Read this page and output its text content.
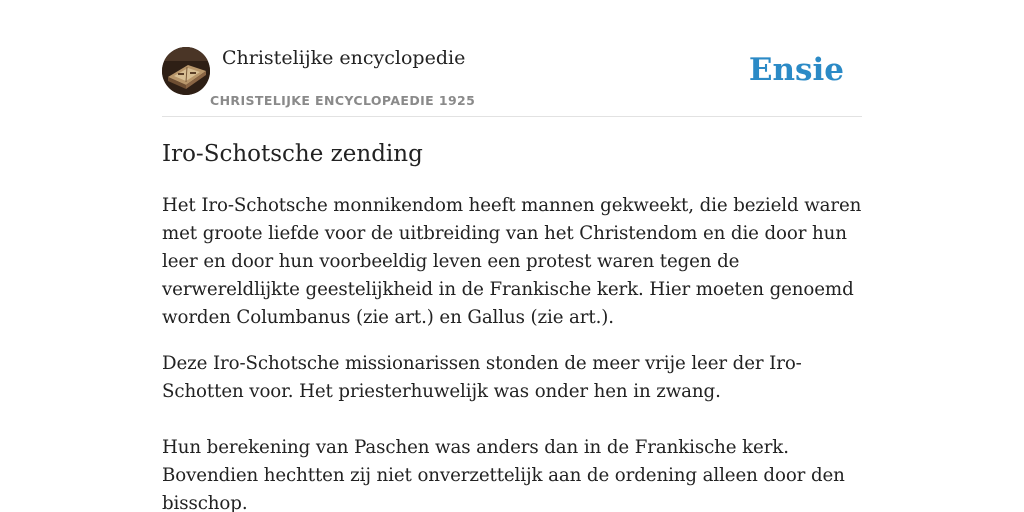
Christelijke encyclopedie
CHRISTELIJKE ENCYCLOPAEDIE 1925
Ensie
Iro-Schotsche zending

Het Iro-Schotsche monnikendom heeft mannen gekweekt, die bezield waren met groote liefde voor de uitbreiding van het Christendom en die door hun leer en door hun voorbeeldig leven een protest waren tegen de verwereldlijkte geestelijkheid in de Frankische kerk. Hier moeten genoemd worden Columbanus (zie art.) en Gallus (zie art.).

Deze Iro-Schotsche missionarissen stonden de meer vrije leer der Iro-Schotten voor. Het priesterhuwelijk was onder hen in zwang.

Hun berekening van Paschen was anders dan in de Frankische kerk. Bovendien hechtten zij niet onverzettelijk aan de ordening alleen door den bisschop.
